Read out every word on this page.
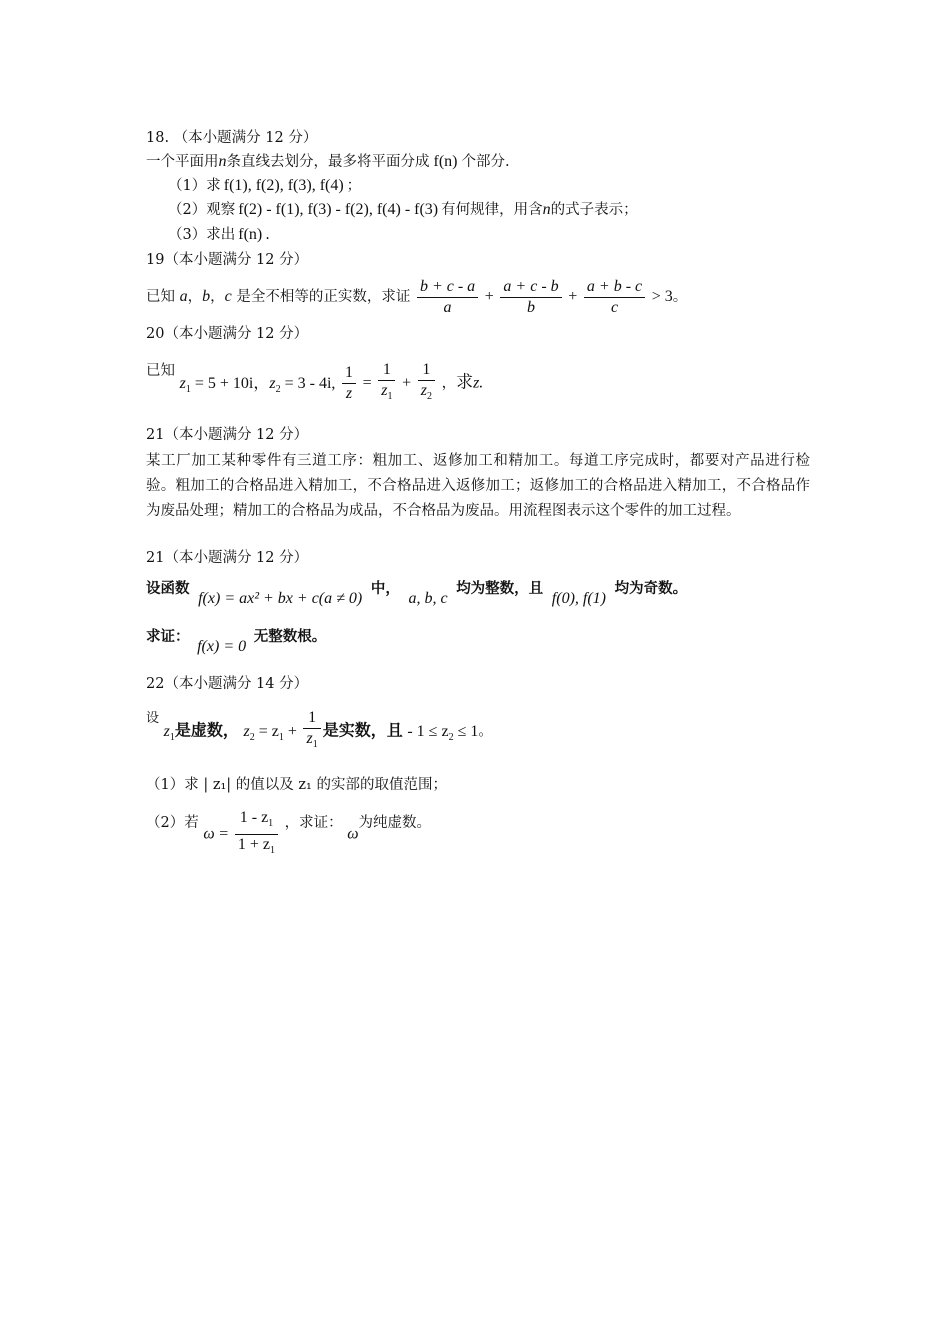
18. （本小题满分 12 分）
一个平面用n条直线去划分，最多将平面分成 f(n) 个部分.
（1）求 f(1), f(2), f(3), f(4) ；
（2）观察 f(2) - f(1), f(3) - f(2), f(4) - f(3) 有何规律，用含n的式子表示；
（3）求出 f(n) .
19（本小题满分 12 分）
已知 a，b，c 是全不相等的正实数，求证 $\frac{b + c - a}{a} + \frac{a + c - b}{b} + \frac{a + b - c}{c} > 3$。
20（本小题满分 12 分）
已知 $z_1 = 5 + 10i$，$z_2 = 3 - 4i$, $\frac{1}{z} = \frac{1}{z_1} + \frac{1}{z_2}$ ，求z.
21（本小题满分 12 分）
某工厂加工某种零件有三道工序：粗加工、返修加工和精加工。每道工序完成时，都要对产品进行检验。粗加工的合格品进入精加工，不合格品进入返修加工；返修加工的合格品进入精加工，不合格品作为废品处理；精加工的合格品为成品，不合格品为废品。用流程图表示这个零件的加工过程。
21（本小题满分 12 分）
设函数 f(x) = ax² + bx + c(a ≠ 0) 中， a, b, c 均为整数，且 f(0), f(1) 均为奇数。
求证： f(x) = 0 无整数根。
22（本小题满分 14 分）
设 $z_1$是虚数， $z_2 = z_1 + \frac{1}{z_1}$ 是实数，且 - $1 \le z_2 \le 1$。
（1）求 | z₁| 的值以及 z₁ 的实部的取值范围；
（2）若 $\omega = \frac{1 - z_1}{1 + z_1}$ ，求证： ω为纯虚数。
